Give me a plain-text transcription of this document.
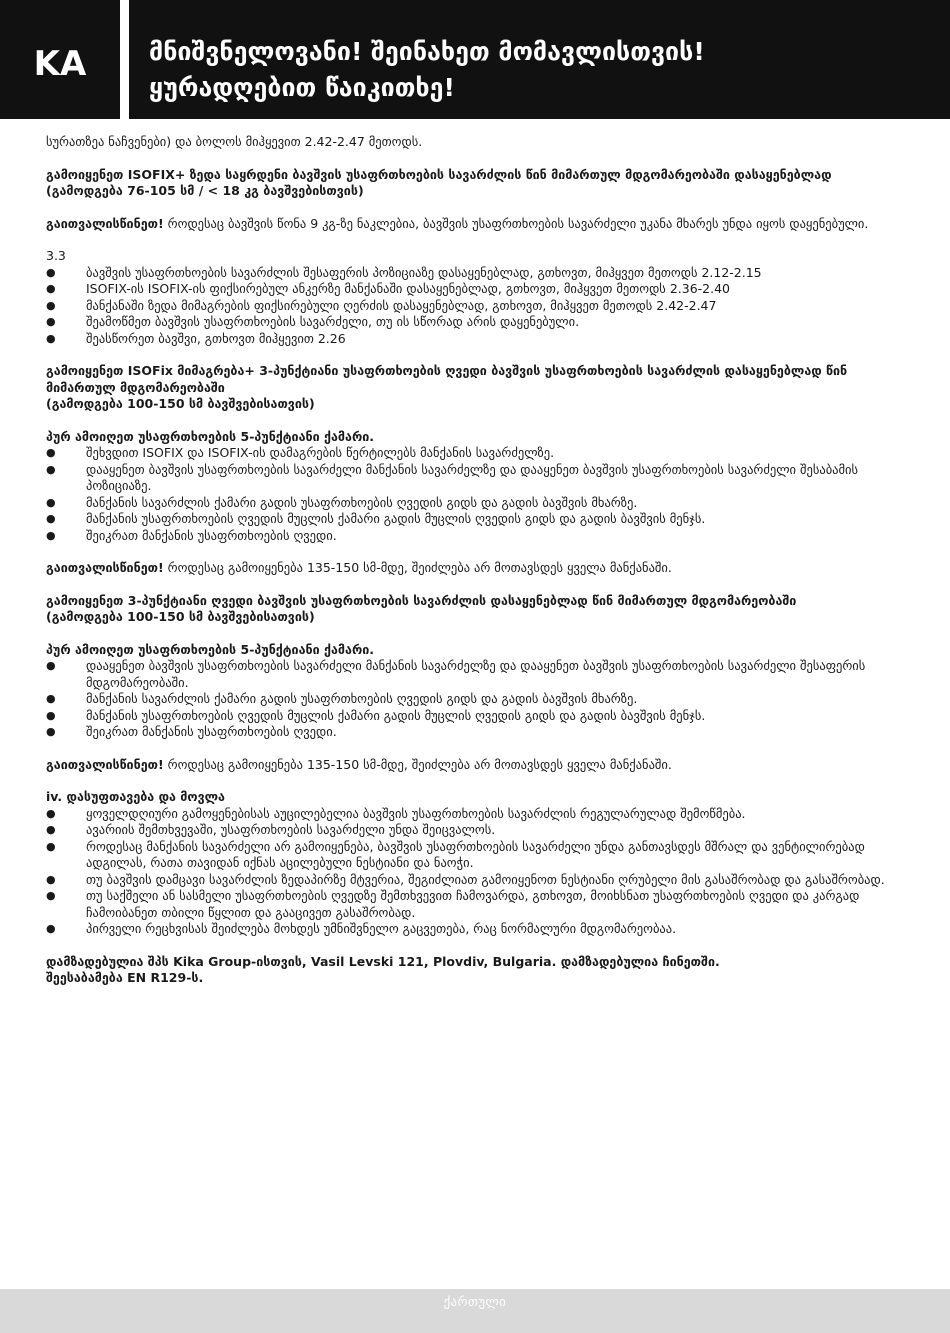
KA	მნიშვნელოვანი! შეინახეთ მომავლისთვის!
ყურადღებით წაიკითხე!

სურათზეა ნაჩვენები) და ბოლოს მიჰყევით 2.42-2.47 მეთოდს.

გამოიყენეთ ISOFIX+ ზედა საყრდენი ბავშვის უსაფრთხოების სავარძლის წინ მიმართულ მდგომარეობაში დასაყენებლად

(გამოდგება 76-105 სმ / < 18 კგ ბავშვებისთვის)

გაითვალისწინეთ! როდესაც ბავშვის წონა 9 კგ-ზე ნაკლებია, ბავშვის უსაფრთხოების სავარძელი უკანა მხარეს უნდა იყოს დაყენებული.

3.3

● ბავშვის უსაფრთხოების სავარძლის შესაფერის პოზიციაზე დასაყენებლად, გთხოვთ, მიჰყვეთ მეთოდს 2.12-2.15
● ISOFIX-ის ISOFIX-ის ფიქსირებულ ანკერზე მანქანაში დასაყენებლად, გთხოვთ, მიჰყვეთ მეთოდს 2.36-2.40
● მანქანაში ზედა მიმაგრების ფიქსირებული ღერძის დასაყენებლად, გთხოვთ, მიჰყვეთ მეთოდს 2.42-2.47
● შეამოწმეთ ბავშვის უსაფრთხოების სავარძელი, თუ ის სწორად არის დაყენებული.
● შეასწორეთ ბავშვი, გთხოვთ მიჰყევით 2.26

გამოიყენეთ ISOFix მიმაგრება+ 3-პუნქტიანი უსაფრთხოების ღვედი ბავშვის უსაფრთხოების სავარძლის დასაყენებლად წინ მიმართულ მდგომარეობაში

(გამოდგება 100-150 სმ ბავშვებისათვის)

პურ ამოიღეთ უსაფრთხოების 5-პუნქტიანი ქამარი.

● შეხვდით ISOFIX და ISOFIX-ის დამაგრების წერტილებს მანქანის სავარძელზე.
● დააყენეთ ბავშვის უსაფრთხოების სავარძელი მანქანის სავარძელზე და დააყენეთ ბავშვის უსაფრთხოების სავარძელი შესაბამის პოზიციაზე.
● მანქანის სავარძლის ქამარი გადის უსაფრთხოების ღვედის გიდს და გადის ბავშვის მხარზე.
● მანქანის უსაფრთხოების ღვედის მუცლის ქამარი გადის მუცლის ღვედის გიდს და გადის ბავშვის მენჯს.
● შეიკრათ მანქანის უსაფრთხოების ღვედი.

გაითვალისწინეთ! როდესაც გამოიყენება 135-150 სმ-მდე, შეიძლება არ მოთავსდეს ყველა მანქანაში.

გამოიყენეთ 3-პუნქტიანი ღვედი ბავშვის უსაფრთხოების სავარძლის დასაყენებლად წინ მიმართულ მდგომარეობაში

(გამოდგება 100-150 სმ ბავშვებისათვის)

პურ ამოიღეთ უსაფრთხოების 5-პუნქტიანი ქამარი.

● დააყენეთ ბავშვის უსაფრთხოების სავარძელი მანქანის სავარძელზე და დააყენეთ ბავშვის უსაფრთხოების სავარძელი შესაფერის მდგომარეობაში.
● მანქანის სავარძლის ქამარი გადის უსაფრთხოების ღვედის გიდს და გადის ბავშვის მხარზე.
● მანქანის უსაფრთხოების ღვედის მუცლის ქამარი გადის მუცლის ღვედის გიდს და გადის ბავშვის მენჯს.
● შეიკრათ მანქანის უსაფრთხოების ღვედი.

გაითვალისწინეთ! როდესაც გამოიყენება 135-150 სმ-მდე, შეიძლება არ მოთავსდეს ყველა მანქანაში.

iv. დასუფთავება და მოვლა

● ყოველდღიური გამოყენებისას აუცილებელია ბავშვის უსაფრთხოების სავარძლის რეგულარულად შემოწმება.
● ავარიის შემთხვევაში, უსაფრთხოების სავარძელი უნდა შეიცვალოს.
● როდესაც მანქანის სავარძელი არ გამოიყენება, ბავშვის უსაფრთხოების სავარძელი უნდა განთავსდეს მშრალ და ვენტილირებად ადგილას, რათა თავიდან იქნას აცილებული ნესტიანი და ნაოჭი.
● თუ ბავშვის დამცავი სავარძლის ზედაპირზე მტვერია, შეგიძლიათ გამოიყენოთ ნესტიანი ღრუბელი მის გასაშრობად და გასაშრობად.
● თუ საქშელი ან სასმელი უსაფრთხოების ღვედზე შემთხვევით ჩამოვარდა, გთხოვთ, მოიხსნათ უსაფრთხოების ღვედი და კარგად ჩამოიბანეთ თბილი წყლით და გააცივეთ გასაშრობად.
● პირველი რეცხვისას შეიძლება მოხდეს უმნიშვნელო გაცვეთება, რაც ნორმალური მდგომარეობაა.

დამზადებულია შპს Kika Group-ისთვის, Vasil Levski 121, Plovdiv, Bulgaria. დამზადებულია ჩინეთში.

შეესაბამება EN R129-ს.

ქართული
